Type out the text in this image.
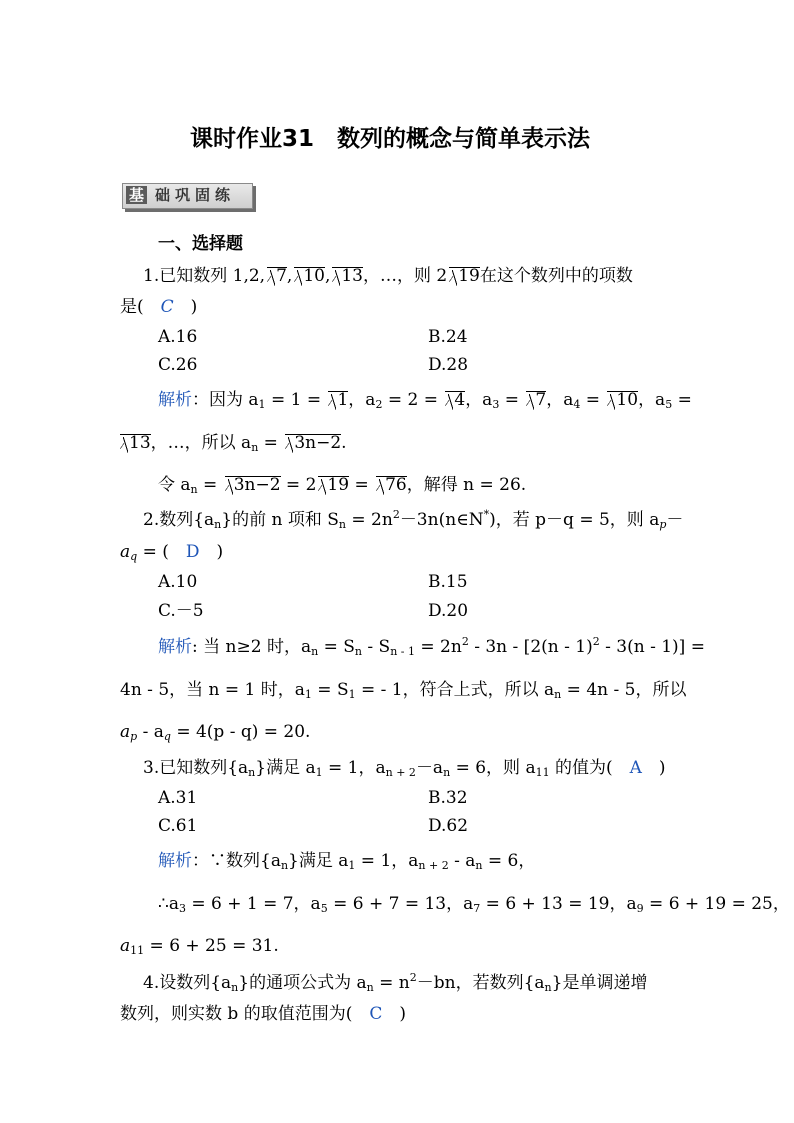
课时作业31　数列的概念与简单表示法
基 础巩固练
一、选择题
1.已知数列 1,2, 7, 10, 13，…，则 2 19在这个数列中的项数
是(　C　)
A.16	B.24
C.26	D.28
解析：因为 $a_1 = 1 = 1$，$a_2 = 2 = 4$，$a_3 = 7$，$a_4 = 10$，$a_5$ =
13，…，所以 $a_n = 3n-2$.
令 $a_n = 3n-2 = 2$ 19 = 76，解得 n = 26.
2.数列$\{a_n\}$的前 n 项和 $S_n$ = $2n^2-3n(n\in N^*)$，若 p－q = 5，则 $a_p-$
$a_q$ = (　D　)
A.10	B.15
C.－5	D.20
解析: 当 n≥2 时，$a_n = S_n - S_{n - 1} = 2n^2 - 3n - [2(n - 1)^2 - 3(n - 1)]$ =
4n - 5，当 n = 1 时，$a_1 = S_1$ = - 1，符合上式，所以 $a_n = 4n - 5$，所以
$a_p - a_q = 4(p - q) = 20$.
3.已知数列$\{a_n\}$满足 $a_1 = 1$，$a_{n + 2}-a_n = 6$，则 $a_{11}$ 的值为(　A　)
A.31	B.32
C.61	D.62
解析：∵数列$\{a_n\}$满足 $a_1 = 1$，$a_{n + 2} - a_n = 6$，
$\therefore a_3 = 6 + 1 = 7$，$a_5 = 6 + 7 = 13$，$a_7 = 6 + 13 = 19$，$a_9 = 6 + 19 = 25$，
$a_{11} = 6 + 25 = 31$.
4.设数列$\{a_n\}$的通项公式为 $a_n = n^2-bn$，若数列$\{a_n\}$是单调递增
数列，则实数 b 的取值范围为(　C　)
